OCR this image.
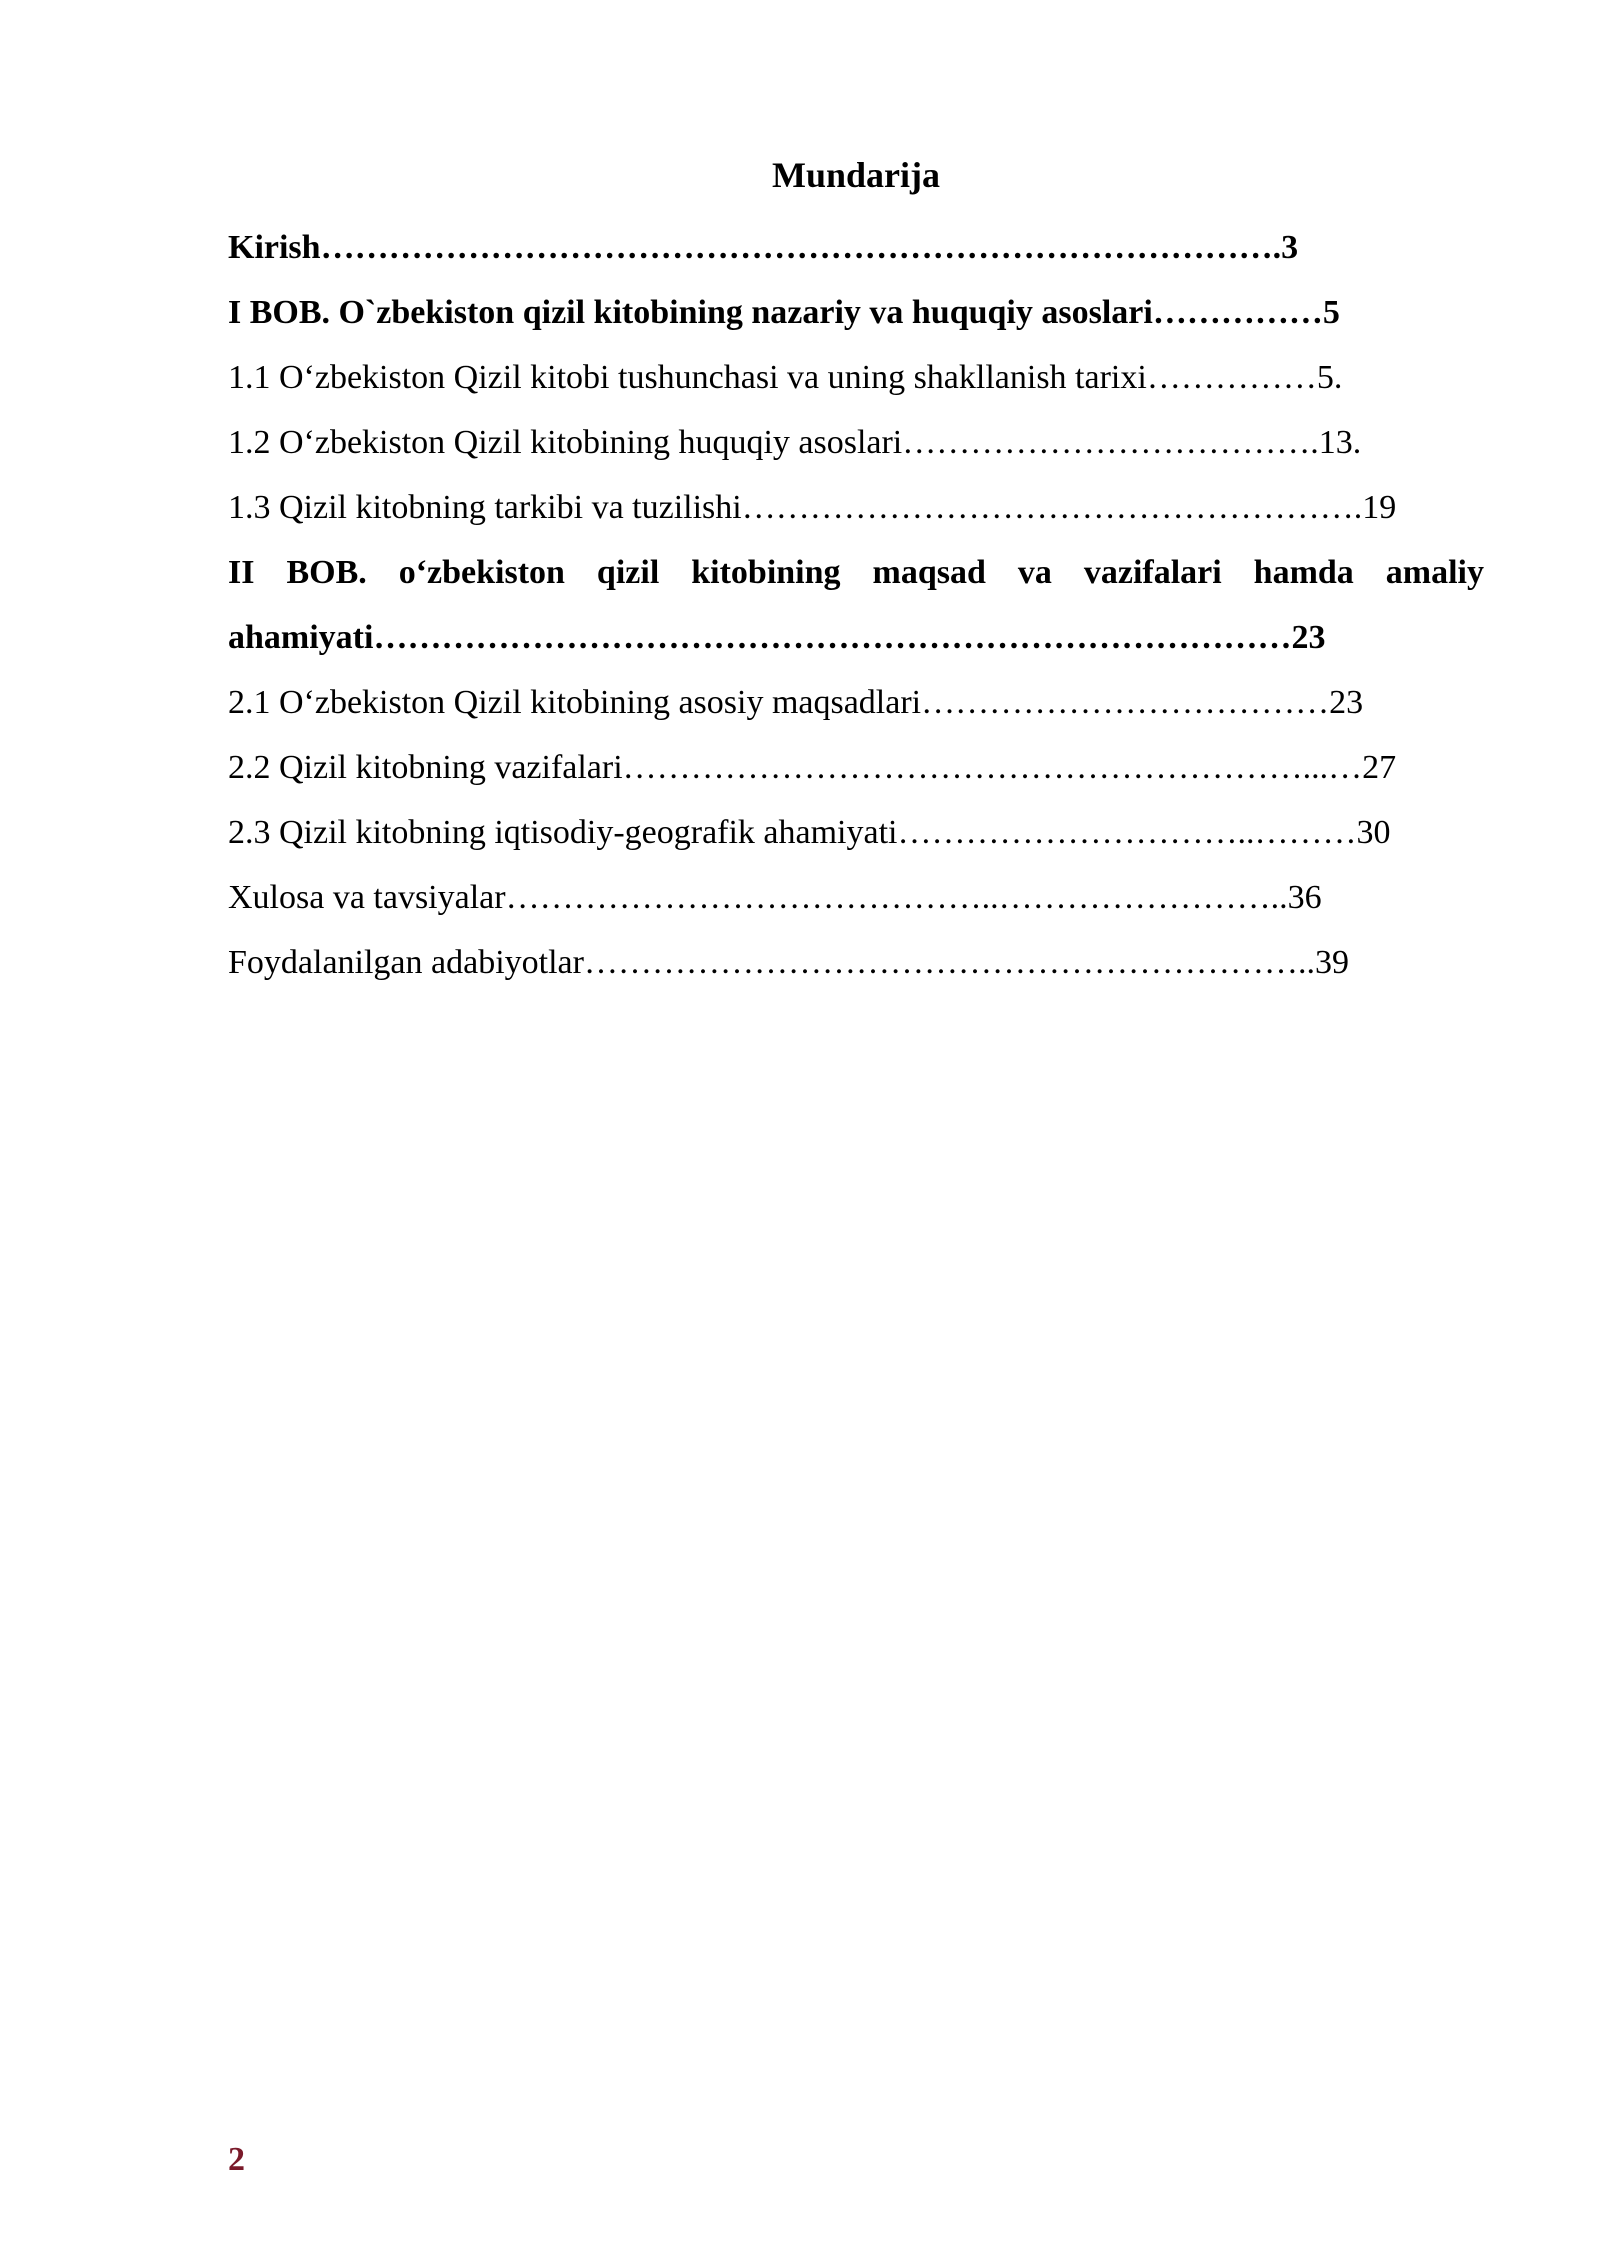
Mundarija
Kirish………………………………………………………………………….3
I BOB. O`zbekiston qizil kitobining nazariy va huquqiy asoslari……………5
1.1 O‘zbekiston Qizil kitobi tushunchasi va uning shakllanish tarixi……………5.
1.2 O‘zbekiston Qizil kitobining huquqiy asoslari……………………………….13.
1.3 Qizil kitobning tarkibi va tuzilishi……………………………………………….19
II BOB. o‘zbekiston qizil kitobining maqsad va vazifalari hamda amaliy ahamiyati………………………………………………………………………23
2.1 O‘zbekiston Qizil kitobining asosiy maqsadlari………………………………23
2.2 Qizil kitobning vazifalari……………………………………………………...…27
2.3 Qizil kitobning iqtisodiy-geografik ahamiyati…………………………..………30
Xulosa va tavsiyalar……………………………………..……………………..36
Foydalanilgan adabiyotlar………………………………………………………..39
2
